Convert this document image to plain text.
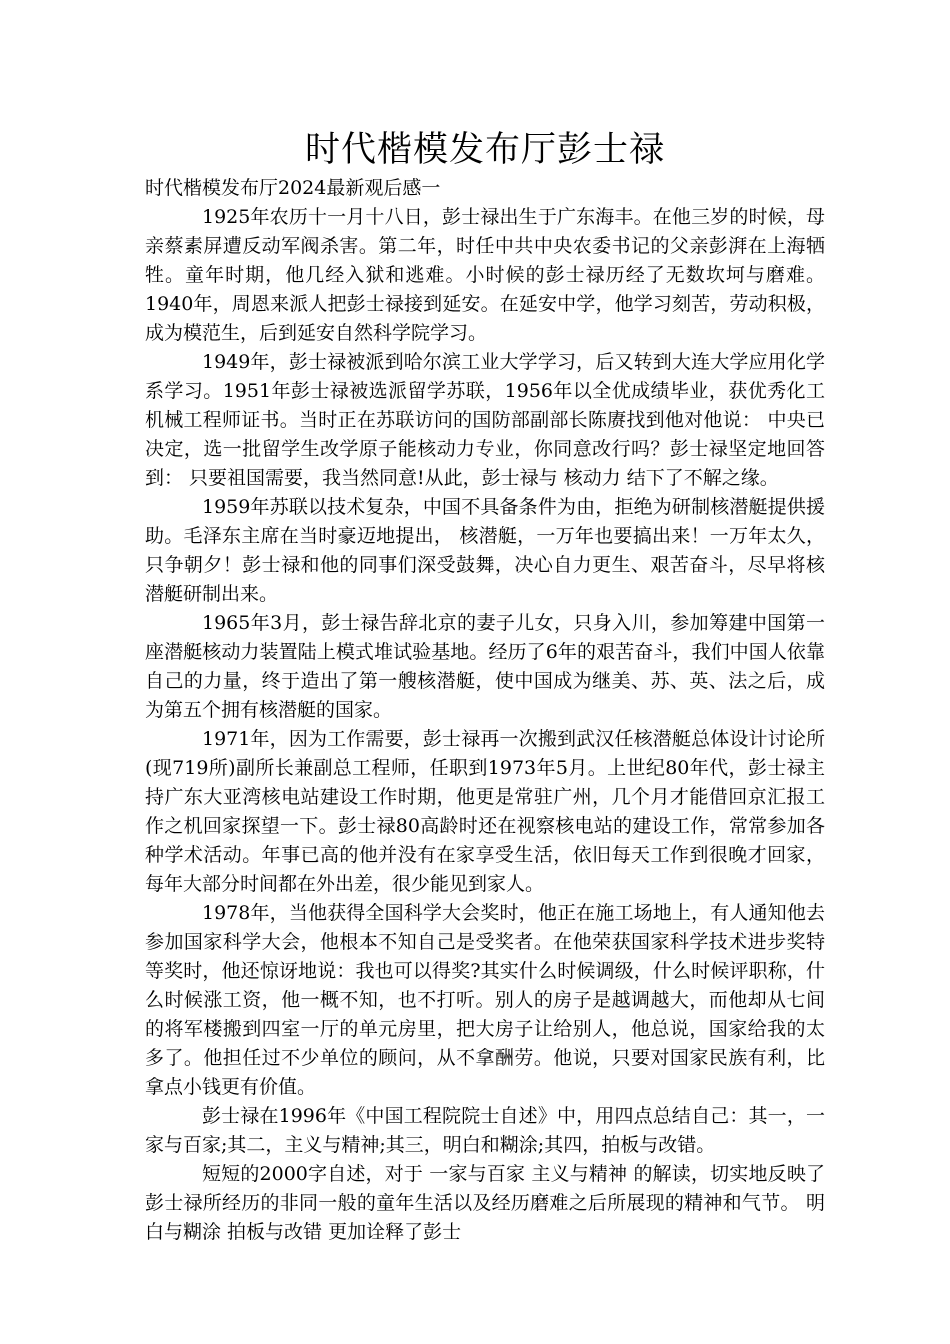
时代楷模发布厅彭士禄

时代楷模发布厅2024最新观后感一

1925年农历十一月十八日，彭士禄出生于广东海丰。在他三岁的时候，母亲蔡素屏遭反动军阀杀害。第二年，时任中共中央农委书记的父亲彭湃在上海牺牲。童年时期，他几经入狱和逃难。小时候的彭士禄历经了无数坎坷与磨难。1940年，周恩来派人把彭士禄接到延安。在延安中学，他学习刻苦，劳动积极，成为模范生，后到延安自然科学院学习。

1949年，彭士禄被派到哈尔滨工业大学学习，后又转到大连大学应用化学系学习。1951年彭士禄被选派留学苏联，1956年以全优成绩毕业，获优秀化工机械工程师证书。当时正在苏联访问的国防部副部长陈赓找到他对他说： 中央已决定，选一批留学生改学原子能核动力专业，你同意改行吗？彭士禄坚定地回答到： 只要祖国需要，我当然同意!从此，彭士禄与 核动力 结下了不解之缘。

1959年苏联以技术复杂，中国不具备条件为由，拒绝为研制核潜艇提供援助。毛泽东主席在当时豪迈地提出， 核潜艇，一万年也要搞出来！一万年太久，只争朝夕！彭士禄和他的同事们深受鼓舞，决心自力更生、艰苦奋斗，尽早将核潜艇研制出来。

1965年3月，彭士禄告辞北京的妻子儿女，只身入川，参加筹建中国第一座潜艇核动力装置陆上模式堆试验基地。经历了6年的艰苦奋斗，我们中国人依靠自己的力量，终于造出了第一艘核潜艇，使中国成为继美、苏、英、法之后，成为第五个拥有核潜艇的国家。

1971年，因为工作需要，彭士禄再一次搬到武汉任核潜艇总体设计讨论所(现719所)副所长兼副总工程师，任职到1973年5月。上世纪80年代，彭士禄主持广东大亚湾核电站建设工作时期，他更是常驻广州，几个月才能借回京汇报工作之机回家探望一下。彭士禄80高龄时还在视察核电站的建设工作，常常参加各种学术活动。年事已高的他并没有在家享受生活，依旧每天工作到很晚才回家，每年大部分时间都在外出差，很少能见到家人。

1978年，当他获得全国科学大会奖时，他正在施工场地上，有人通知他去参加国家科学大会，他根本不知自己是受奖者。在他荣获国家科学技术进步奖特等奖时，他还惊讶地说：我也可以得奖?其实什么时候调级，什么时候评职称，什么时候涨工资，他一概不知，也不打听。别人的房子是越调越大，而他却从七间的将军楼搬到四室一厅的单元房里，把大房子让给别人，他总说，国家给我的太多了。他担任过不少单位的顾问，从不拿酬劳。他说，只要对国家民族有利，比拿点小钱更有价值。

彭士禄在1996年《中国工程院院士自述》中，用四点总结自己：其一，一家与百家;其二，主义与精神;其三，明白和糊涂;其四，拍板与改错。

短短的2000字自述，对于 一家与百家 主义与精神 的解读，切实地反映了彭士禄所经历的非同一般的童年生活以及经历磨难之后所展现的精神和气节。 明白与糊涂 拍板与改错 更加诠释了彭士
